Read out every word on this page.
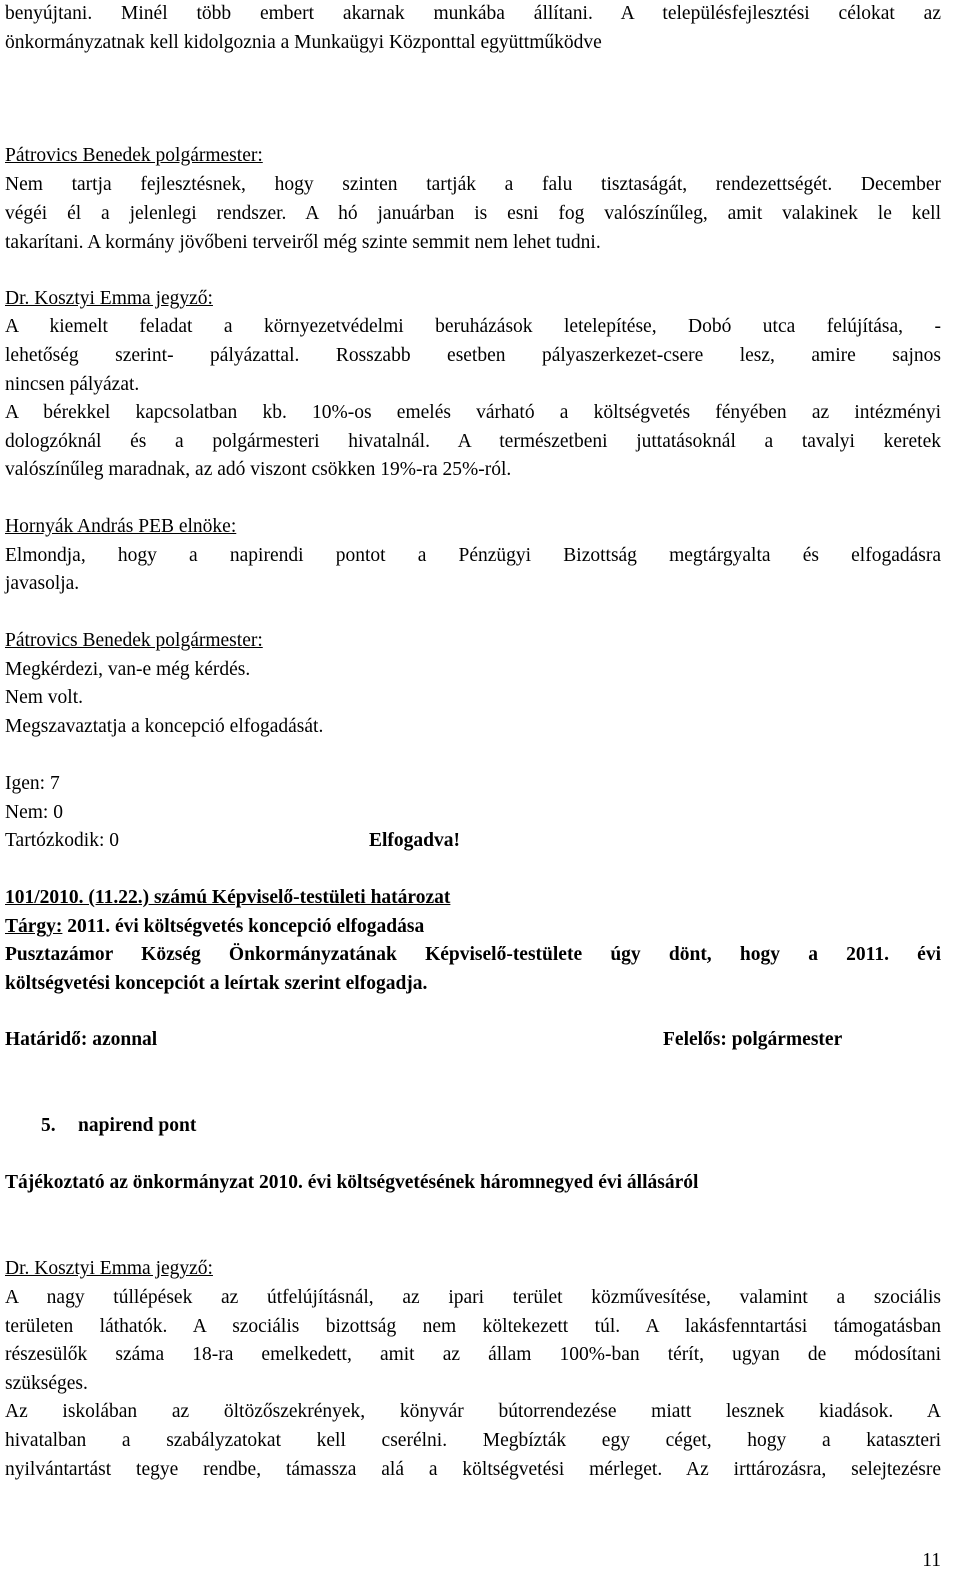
benyújtani. Minél több embert akarnak munkába állítani. A településfejlesztési célokat az
önkormányzatnak kell kidolgoznia a Munkaügyi Központtal együttműködve
Pátrovics Benedek polgármester:
Nem tartja fejlesztésnek, hogy szinten tartják a falu tisztaságát, rendezettségét. December
végéi él a jelenlegi rendszer. A hó januárban is esni fog valószínűleg, amit valakinek le kell
takarítani. A kormány jövőbeni terveiről még szinte semmit nem lehet tudni.
Dr. Kosztyi Emma jegyző:
A kiemelt feladat a környezetvédelmi beruházások letelepítése, Dobó utca felújítása, -
lehetőség szerint- pályázattal. Rosszabb esetben pályaszerkezet-csere lesz, amire sajnos
nincsen pályázat.
A bérekkel kapcsolatban kb. 10%-os emelés várható a költségvetés fényében az intézményi
dologzóknál és a polgármesteri hivatalnál. A természetbeni juttatásoknál a tavalyi keretek
valószínűleg maradnak, az adó viszont csökken 19%-ra 25%-ról.
Hornyák András PEB elnöke:
Elmondja, hogy a napirendi pontot a Pénzügyi Bizottság megtárgyalta és elfogadásra
javasolja.
Pátrovics Benedek polgármester:
Megkérdezi, van-e még kérdés.
Nem volt.
Megszavaztatja a koncepció elfogadását.
Igen: 7
Nem: 0
Tartózkodik: 0	Elfogadva!
101/2010. (11.22.) számú Képviselő-testületi határozat
Tárgy: 2011. évi költségvetés koncepció elfogadása
Pusztazámor Község Önkormányzatának Képviselő-testülete úgy dönt, hogy a 2011. évi
költségvetési koncepciót a leírtak szerint elfogadja.
Határidő: azonnal	Felelős: polgármester
5.	napirend pont
Tájékoztató az önkormányzat 2010. évi költségvetésének háromnegyed évi állásáról
Dr. Kosztyi Emma jegyző:
A nagy túllépések az útfelújításnál, az ipari terület közművesítése, valamint a szociális
területen láthatók. A szociális bizottság nem költekezett túl. A lakásfenntartási támogatásban
részesülők száma 18-ra emelkedett, amit az állam 100%-ban térít, ugyan de módosítani
szükséges.
Az iskolában az öltözőszekrények, könyvár bútorrendezése miatt lesznek kiadások. A
hivatalban a szabályzatokat kell cserélni. Megbízták egy céget, hogy a kataszteri
nyilvántartást tegye rendbe, támassza alá a költségvetési mérleget. Az irttározásra, selejtezésre
11
